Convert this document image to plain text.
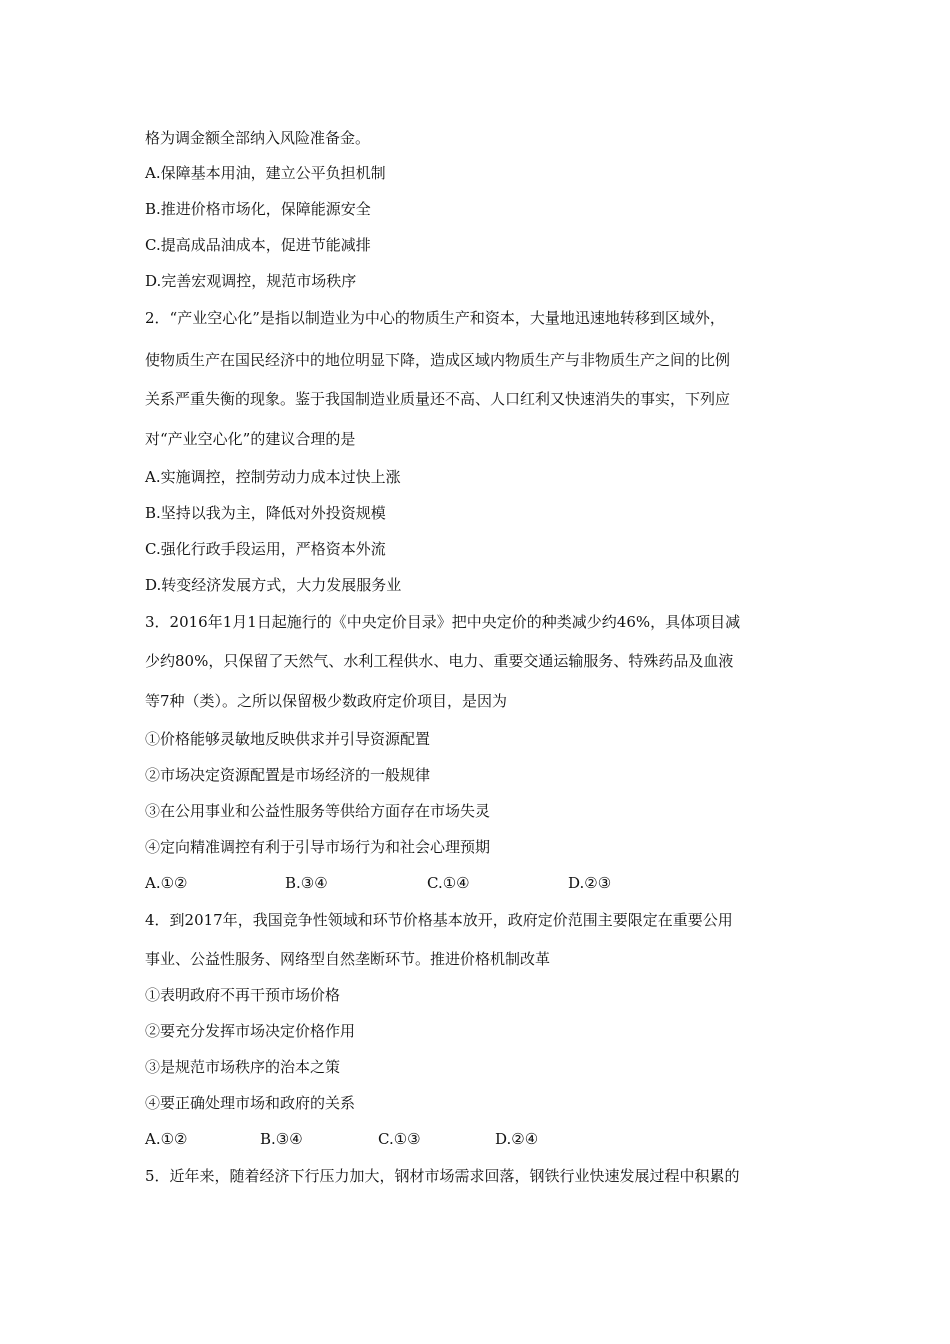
格为调金额全部纳入风险准备金。
A.保障基本用油，建立公平负担机制
B.推进价格市场化，保障能源安全
C.提高成品油成本，促进节能减排
D.完善宏观调控，规范市场秩序
2．“产业空心化”是指以制造业为中心的物质生产和资本，大量地迅速地转移到区域外，
使物质生产在国民经济中的地位明显下降，造成区域内物质生产与非物质生产之间的比例
关系严重失衡的现象。鉴于我国制造业质量还不高、人口红利又快速消失的事实，下列应
对“产业空心化”的建议合理的是
A.实施调控，控制劳动力成本过快上涨
B.坚持以我为主，降低对外投资规模
C.强化行政手段运用，严格资本外流
D.转变经济发展方式，大力发展服务业
3．2016年1月1日起施行的《中央定价目录》把中央定价的种类减少约46%，具体项目减
少约80%，只保留了天然气、水利工程供水、电力、重要交通运输服务、特殊药品及血液
等7种（类）。之所以保留极少数政府定价项目，是因为
①价格能够灵敏地反映供求并引导资源配置
②市场决定资源配置是市场经济的一般规律
③在公用事业和公益性服务等供给方面存在市场失灵
④定向精准调控有利于引导市场行为和社会心理预期
A.①②	B.③④	C.①④	D.②③
4．到2017年，我国竞争性领域和环节价格基本放开，政府定价范围主要限定在重要公用
事业、公益性服务、网络型自然垄断环节。推进价格机制改革
①表明政府不再干预市场价格
②要充分发挥市场决定价格作用
③是规范市场秩序的治本之策
④要正确处理市场和政府的关系
A.①②	B.③④	C.①③	D.②④
5．近年来，随着经济下行压力加大，钢材市场需求回落，钢铁行业快速发展过程中积累的
